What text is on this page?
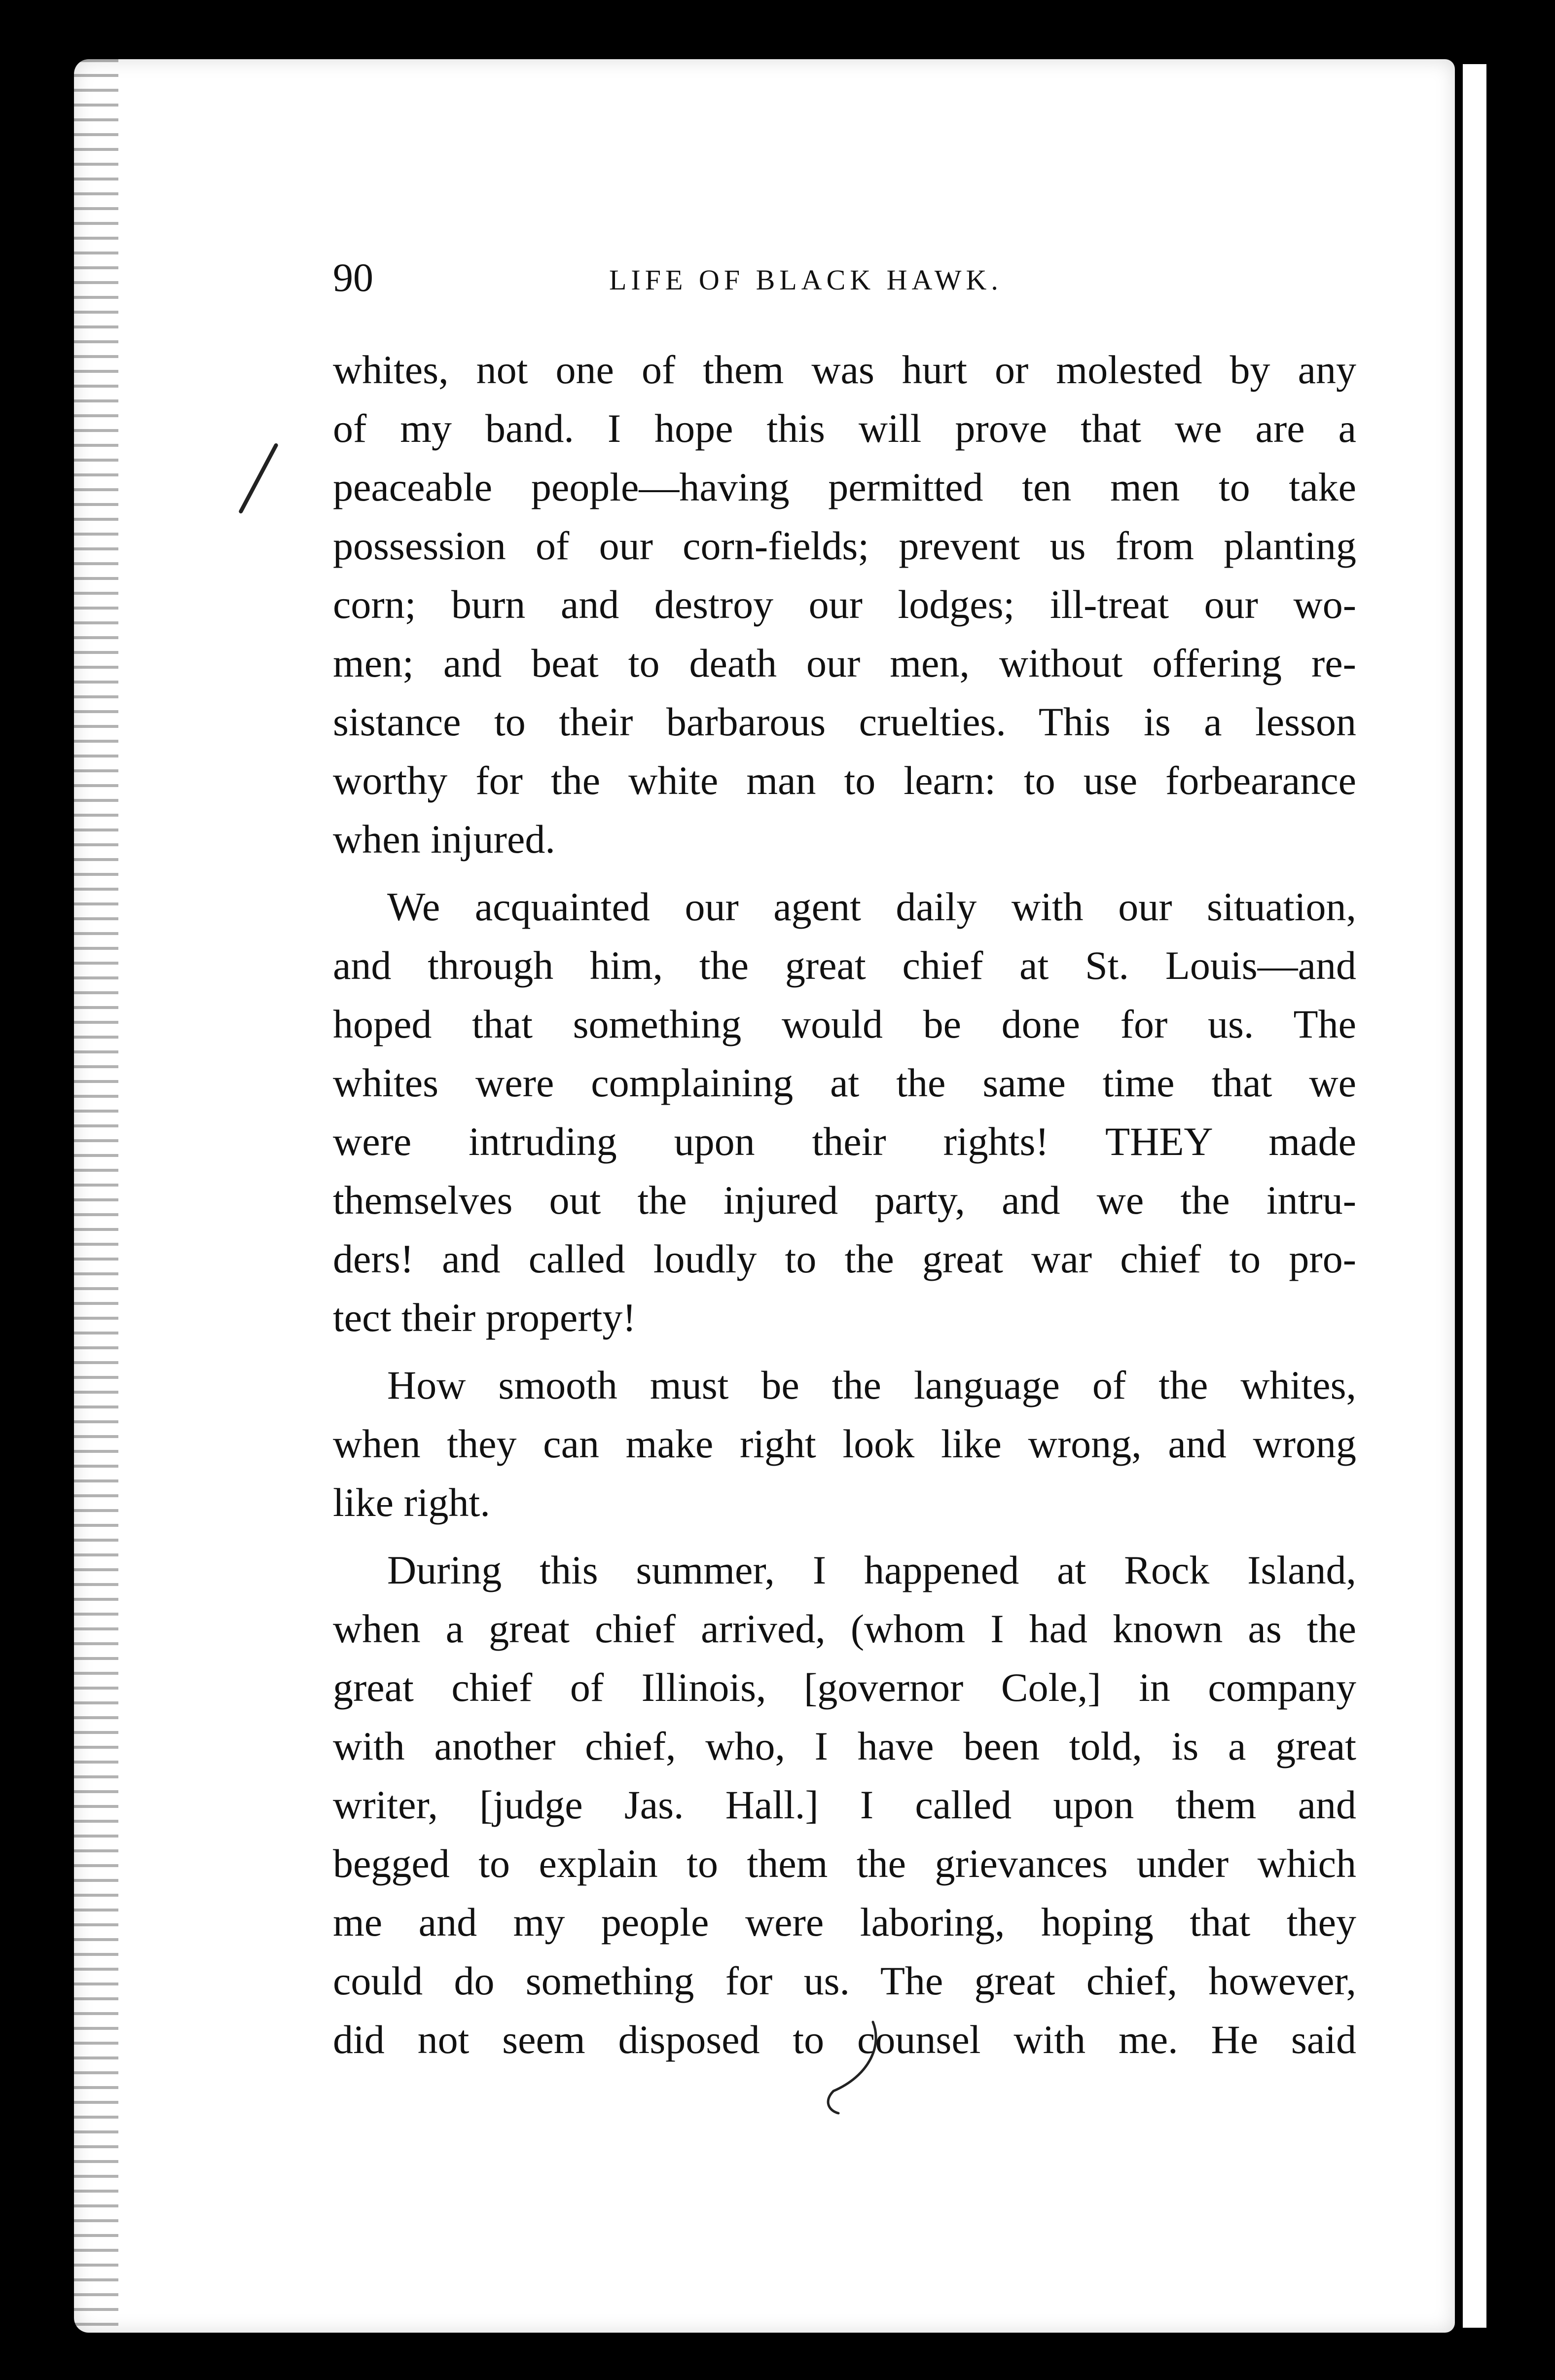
90	LIFE OF BLACK HAWK.
whites, not one of them was hurt or molested by any
of my band. I hope this will prove that we are a
peaceable people—having permitted ten men to take
possession of our corn-fields; prevent us from planting
corn; burn and destroy our lodges; ill-treat our wo-
men; and beat to death our men, without offering re-
sistance to their barbarous cruelties. This is a lesson
worthy for the white man to learn: to use forbearance
when injured.
We acquainted our agent daily with our situation,
and through him, the great chief at St. Louis—and
hoped that something would be done for us. The
whites were complaining at the same time that we
were intruding upon their rights! THEY made
themselves out the injured party, and we the intru-
ders! and called loudly to the great war chief to pro-
tect their property!
How smooth must be the language of the whites,
when they can make right look like wrong, and wrong
like right.
During this summer, I happened at Rock Island,
when a great chief arrived, (whom I had known as the
great chief of Illinois, [governor Cole,] in company
with another chief, who, I have been told, is a great
writer, [judge Jas. Hall.] I called upon them and
begged to explain to them the grievances under which
me and my people were laboring, hoping that they
could do something for us. The great chief, however,
did not seem disposed to counsel with me. He said
